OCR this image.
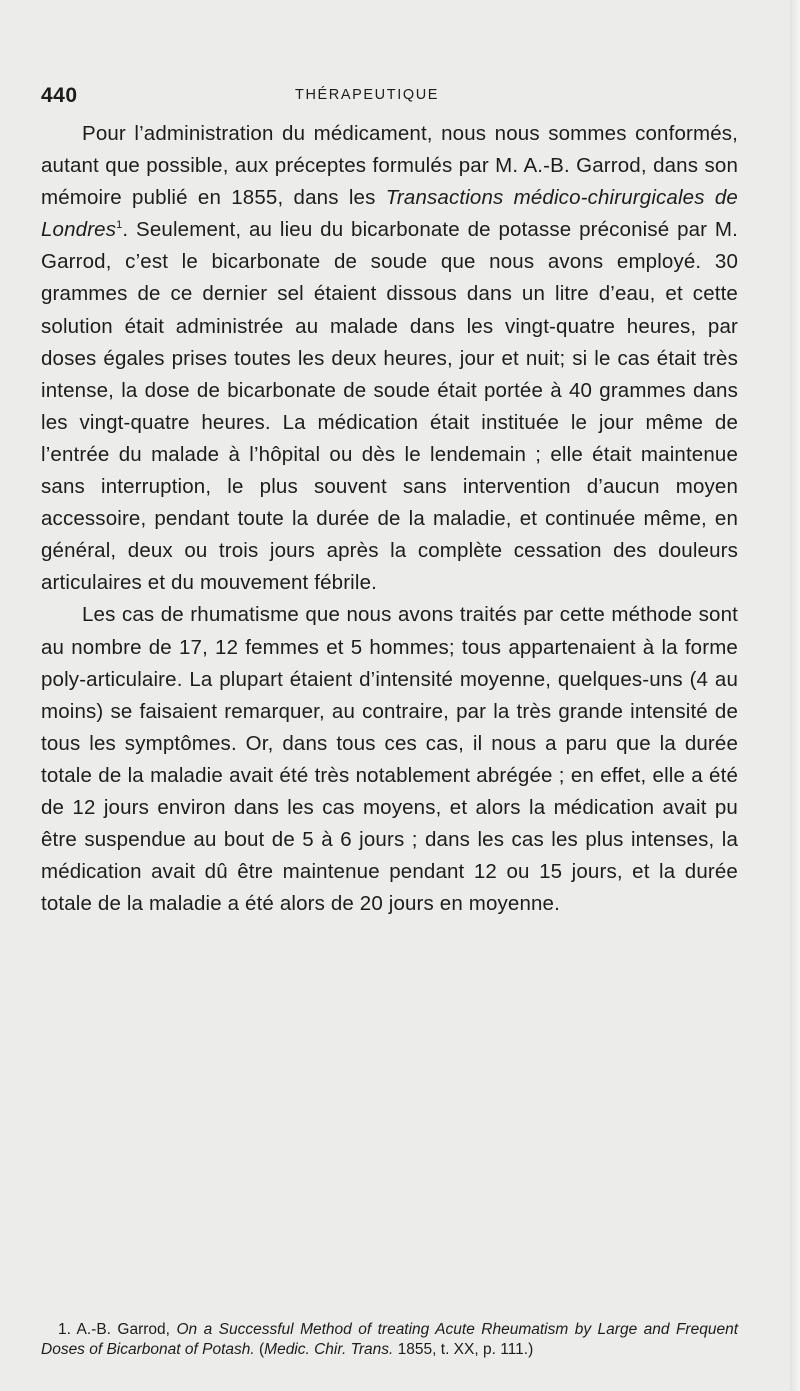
440	THÉRAPEUTIQUE

Pour l’administration du médicament, nous nous sommes conformés, autant que possible, aux préceptes formulés par M. A.-B. Garrod, dans son mémoire publié en 1855, dans les Transactions médico-chirurgicales de Londres$^1$. Seulement, au lieu du bicarbonate de potasse préconisé par M. Garrod, c’est le bicarbonate de soude que nous avons employé. 30 grammes de ce dernier sel étaient dissous dans un litre d’eau, et cette solution était administrée au malade dans les vingt-quatre heures, par doses égales prises toutes les deux heures, jour et nuit; si le cas était très intense, la dose de bicarbonate de soude était portée à 40 grammes dans les vingt-quatre heures. La médication était instituée le jour même de l’entrée du malade à l’hôpital ou dès le lendemain ; elle était maintenue sans interruption, le plus souvent sans intervention d’aucun moyen accessoire, pendant toute la durée de la maladie, et continuée même, en général, deux ou trois jours après la complète cessation des douleurs articulaires et du mouvement fébrile.

Les cas de rhumatisme que nous avons traités par cette méthode sont au nombre de 17, 12 femmes et 5 hommes; tous appartenaient à la forme poly-articulaire. La plupart étaient d’intensité moyenne, quelques-uns (4 au moins) se faisaient remarquer, au contraire, par la très grande intensité de tous les symptômes. Or, dans tous ces cas, il nous a paru que la durée totale de la maladie avait été très notablement abrégée ; en effet, elle a été de 12 jours environ dans les cas moyens, et alors la médication avait pu être suspendue au bout de 5 à 6 jours ; dans les cas les plus intenses, la médication avait dû être maintenue pendant 12 ou 15 jours, et la durée totale de la maladie a été alors de 20 jours en moyenne.

1. A.-B. Garrod, On a Successful Method of treating Acute Rheumatism by Large and Frequent Doses of Bicarbonat of Potash. (Medic. Chir. Trans. 1855, t. XX, p. 111.)
